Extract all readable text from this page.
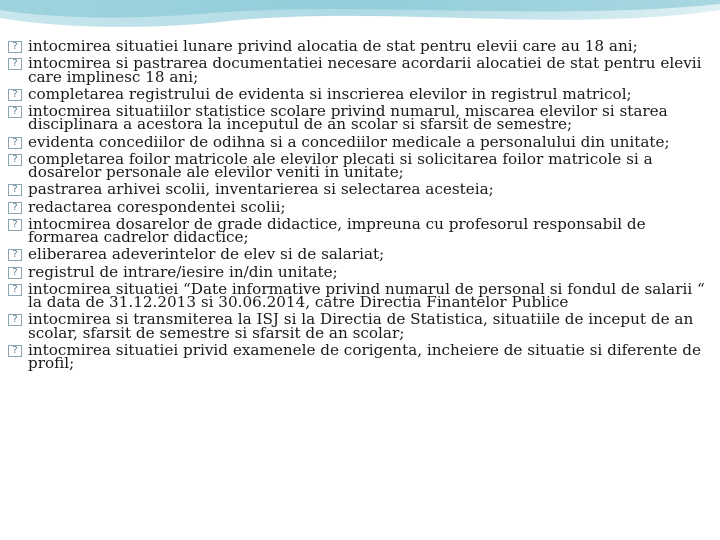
? intocmirea situatiei lunare privind alocatia de stat pentru elevii care au 18 ani;
? intocmirea si pastrarea documentatiei necesare acordarii alocatiei de stat pentru elevii care implinesc 18 ani;
? completarea registrului de evidenta si inscrierea elevilor in registrul matricol;
? intocmirea situatiilor statistice scolare privind numarul, miscarea elevilor si starea disciplinara a acestora la inceputul de an scolar si sfarsit de semestre;
? evidenta concediilor de odihna si a concediilor medicale a personalului din unitate;
? completarea foilor matricole ale elevilor plecati si solicitarea foilor matricole si a dosarelor personale ale elevilor veniti in unitate;
? pastrarea arhivei scolii, inventarierea si selectarea acesteia;
? redactarea corespondentei scolii;
? intocmirea dosarelor de grade didactice, impreuna cu profesorul responsabil de formarea cadrelor didactice;
? eliberarea adeverintelor de elev si de salariat;
? registrul de intrare/iesire in/din unitate;
? intocmirea situatiei “Date informative privind numarul de personal si fondul de salarii “ la data de 31.12.2013 si 30.06.2014, catre Directia Finantelor Publice
? intocmirea si transmiterea la ISJ si la Directia de Statistica, situatiile de inceput de an scolar, sfarsit de semestre si sfarsit de an scolar;
? intocmirea situatiei privid examenele de corigenta, incheiere de situatie si diferente de profil;
